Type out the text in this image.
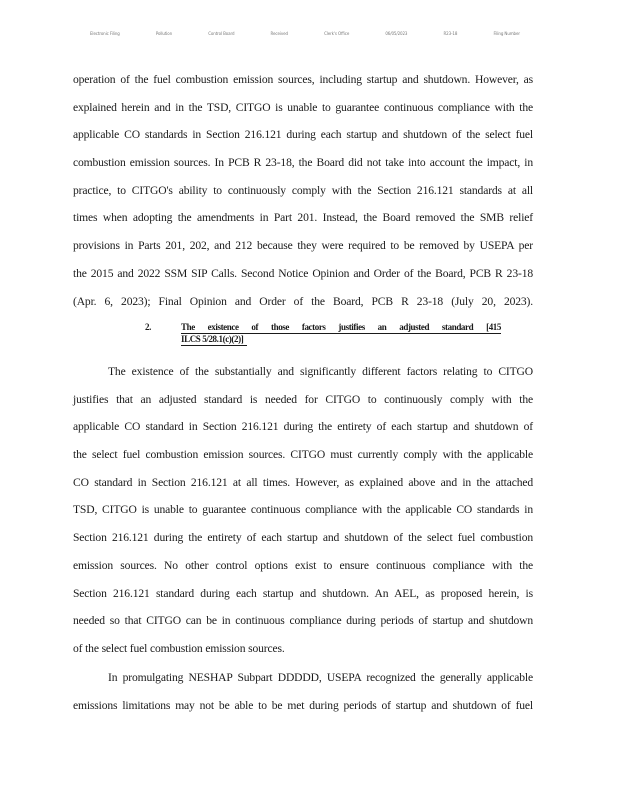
Electronic Filing	Pollution	Control Board	Received	Clerk's Office	06/05/2023	R23-18	Filing Number
operation of the fuel combustion emission sources, including startup and shutdown. However, as
explained herein and in the TSD, CITGO is unable to guarantee continuous compliance with the
applicable CO standards in Section 216.121 during each startup and shutdown of the select fuel
combustion emission sources. In PCB R 23-18, the Board did not take into account the impact, in
practice, to CITGO's ability to continuously comply with the Section 216.121 standards at all
times when adopting the amendments in Part 201. Instead, the Board removed the SMB relief
provisions in Parts 201, 202, and 212 because they were required to be removed by USEPA per
the 2015 and 2022 SSM SIP Calls. Second Notice Opinion and Order of the Board, PCB R 23-18
(Apr. 6, 2023); Final Opinion and Order of the Board, PCB R 23-18 (July 20, 2023).
2.	The existence of those factors justifies an adjusted standard [415
ILCS 5/28.1(c)(2)]
The existence of the substantially and significantly different factors relating to CITGO
justifies that an adjusted standard is needed for CITGO to continuously comply with the
applicable CO standard in Section 216.121 during the entirety of each startup and shutdown of
the select fuel combustion emission sources. CITGO must currently comply with the applicable
CO standard in Section 216.121 at all times. However, as explained above and in the attached
TSD, CITGO is unable to guarantee continuous compliance with the applicable CO standards in
Section 216.121 during the entirety of each startup and shutdown of the select fuel combustion
emission sources. No other control options exist to ensure continuous compliance with the
Section 216.121 standard during each startup and shutdown. An AEL, as proposed herein, is
needed so that CITGO can be in continuous compliance during periods of startup and shutdown
of the select fuel combustion emission sources.
In promulgating NESHAP Subpart DDDDD, USEPA recognized the generally applicable
emissions limitations may not be able to be met during periods of startup and shutdown of fuel
